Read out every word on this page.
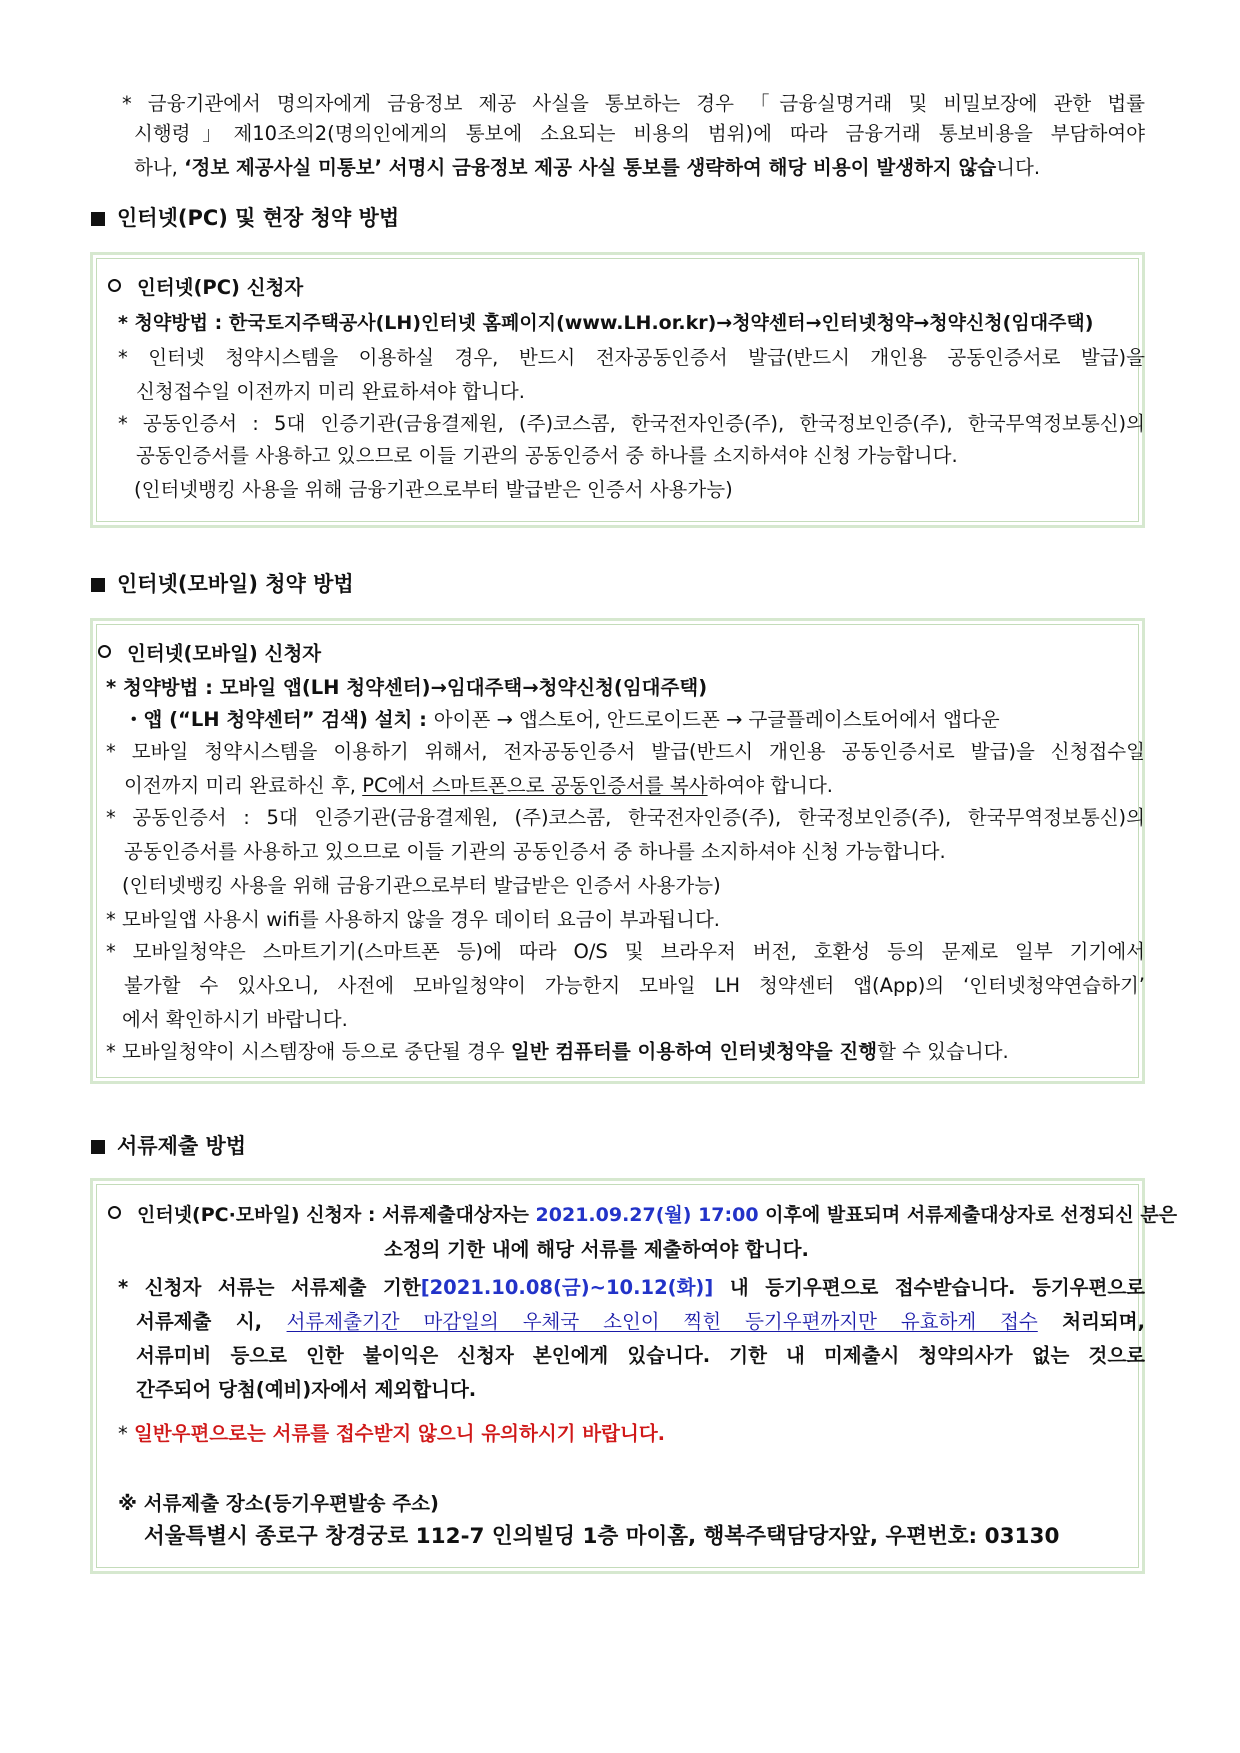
* 금융기관에서 명의자에게 금융정보 제공 사실을 통보하는 경우 「금융실명거래 및 비밀보장에 관한 법률
시행령」제10조의2(명의인에게의 통보에 소요되는 비용의 범위)에 따라 금융거래 통보비용을 부담하여야
하나, ‘정보 제공사실 미통보’ 서명시 금융정보 제공 사실 통보를 생략하여 해당 비용이 발생하지 않습니다.
인터넷(PC) 및 현장 청약 방법
인터넷(PC) 신청자
* 청약방법 : 한국토지주택공사(LH)인터넷 홈페이지(www.LH.or.kr)→청약센터→인터넷청약→청약신청(임대주택)
* 인터넷 청약시스템을 이용하실 경우, 반드시 전자공동인증서 발급(반드시 개인용 공동인증서로 발급)을
신청접수일 이전까지 미리 완료하셔야 합니다.
* 공동인증서 : 5대 인증기관(금융결제원, (주)코스콤, 한국전자인증(주), 한국정보인증(주), 한국무역정보통신)의
공동인증서를 사용하고 있으므로 이들 기관의 공동인증서 중 하나를 소지하셔야 신청 가능합니다.
(인터넷뱅킹 사용을 위해 금융기관으로부터 발급받은 인증서 사용가능)
인터넷(모바일) 청약 방법
인터넷(모바일) 신청자
* 청약방법 : 모바일 앱(LH 청약센터)→임대주택→청약신청(임대주택)
・앱 (“LH 청약센터” 검색) 설치 : 아이폰 → 앱스토어, 안드로이드폰 → 구글플레이스토어에서 앱다운
* 모바일 청약시스템을 이용하기 위해서, 전자공동인증서 발급(반드시 개인용 공동인증서로 발급)을 신청접수일
이전까지 미리 완료하신 후, PC에서 스마트폰으로 공동인증서를 복사하여야 합니다.
* 공동인증서 : 5대 인증기관(금융결제원, (주)코스콤, 한국전자인증(주), 한국정보인증(주), 한국무역정보통신)의
공동인증서를 사용하고 있으므로 이들 기관의 공동인증서 중 하나를 소지하셔야 신청 가능합니다.
(인터넷뱅킹 사용을 위해 금융기관으로부터 발급받은 인증서 사용가능)
* 모바일앱 사용시 wifi를 사용하지 않을 경우 데이터 요금이 부과됩니다.
* 모바일청약은 스마트기기(스마트폰 등)에 따라 O/S 및 브라우저 버전, 호환성 등의 문제로 일부 기기에서
불가할 수 있사오니, 사전에 모바일청약이 가능한지 모바일 LH 청약센터 앱(App)의 ‘인터넷청약연습하기’
에서 확인하시기 바랍니다.
* 모바일청약이 시스템장애 등으로 중단될 경우 일반 컴퓨터를 이용하여 인터넷청약을 진행할 수 있습니다.
서류제출 방법
인터넷(PC·모바일) 신청자 : 서류제출대상자는 2021.09.27(월) 17:00 이후에 발표되며 서류제출대상자로 선정되신 분은
소정의 기한 내에 해당 서류를 제출하여야 합니다.
* 신청자 서류는 서류제출 기한[2021.10.08(금)~10.12(화)] 내 등기우편으로 접수받습니다. 등기우편으로
서류제출 시, 서류제출기간 마감일의 우체국 소인이 찍힌 등기우편까지만 유효하게 접수 처리되며,
서류미비 등으로 인한 불이익은 신청자 본인에게 있습니다. 기한 내 미제출시 청약의사가 없는 것으로
간주되어 당첨(예비)자에서 제외합니다.
* 일반우편으로는 서류를 접수받지 않으니 유의하시기 바랍니다.
※ 서류제출 장소(등기우편발송 주소)
서울특별시 종로구 창경궁로 112-7 인의빌딩 1층 마이홈, 행복주택담당자앞, 우편번호: 03130
